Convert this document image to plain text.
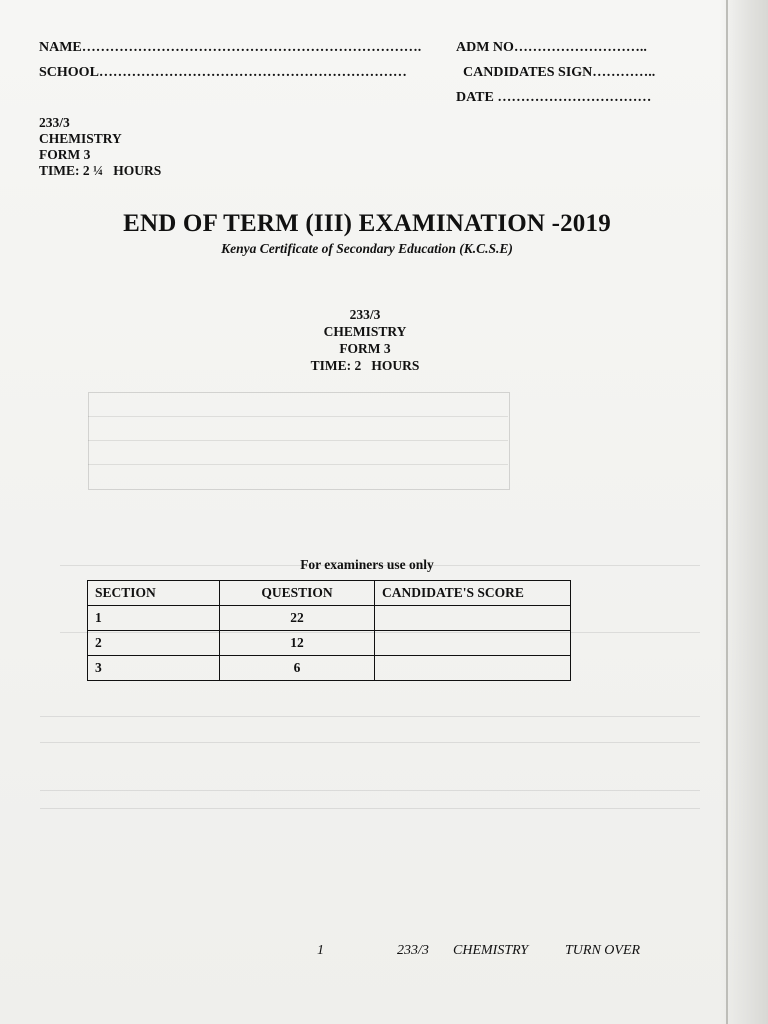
NAME………………………………………………………………. ADM NO………………………..
SCHOOL…………………………………………………………	CANDIDATES SIGN…………..
DATE ……………………………
233/3
CHEMISTRY
FORM 3
TIME: 2 ¼   HOURS
END OF TERM (III) EXAMINATION -2019
Kenya Certificate of Secondary Education (K.C.S.E)
233/3
CHEMISTRY
FORM 3
TIME: 2   HOURS
For examiners use only
SECTION	QUESTION	CANDIDATE'S SCORE
1	22	
2	12	
3	6	
1	233/3 CHEMISTRY	TURN OVER
